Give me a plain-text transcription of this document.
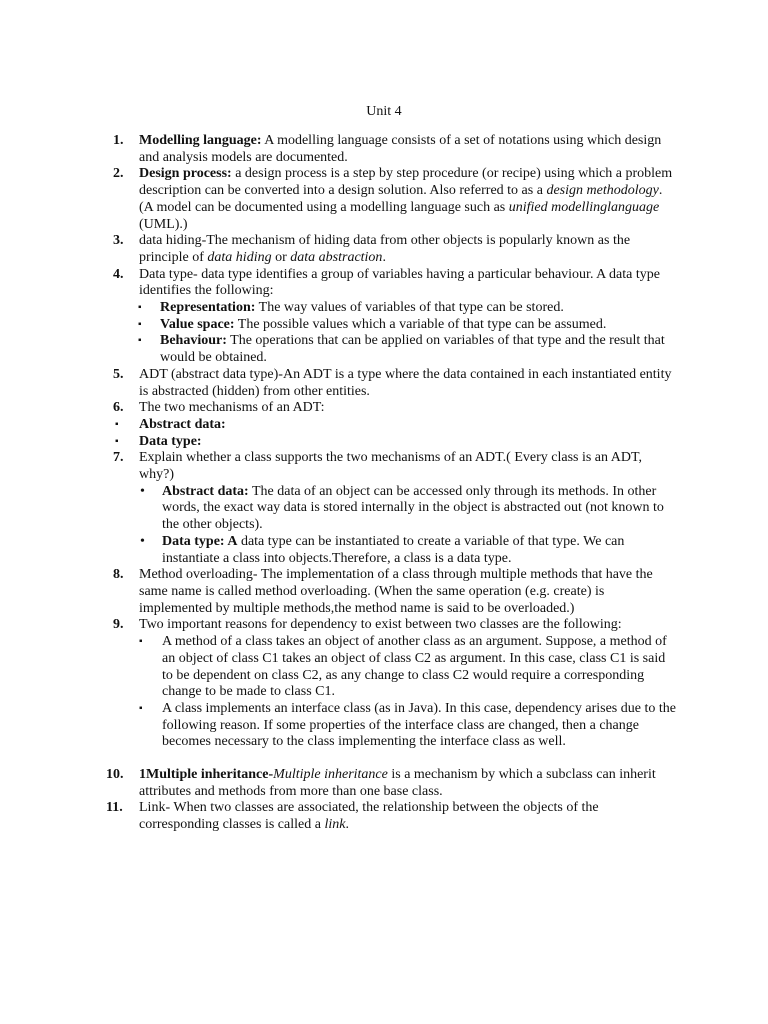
Unit 4
1.	Modelling language: A modelling language consists of a set of notations using which design and analysis models are documented.
2.	Design process: a design process is a step by step procedure (or recipe) using which a problem description can be converted into a design solution. Also referred to as a design methodology. (A model can be documented using a modelling language such as unified modellinglanguage (UML).)
3.	data hiding-The mechanism of hiding data from other objects is popularly known as the principle of data hiding or data abstraction.
4.	Data type- data type identifies a group of variables having a particular behaviour. A data type identifies the following:
▪ Representation: The way values of variables of that type can be stored.
▪ Value space: The possible values which a variable of that type can be assumed.
▪ Behaviour: The operations that can be applied on variables of that type and the result that would be obtained.
5.	ADT (abstract data type)-An ADT is a type where the data contained in each instantiated entity is abstracted (hidden) from other entities.
6.	The two mechanisms of an ADT:
▪ Abstract data:
▪ Data type:
7.	Explain whether a class supports the two mechanisms of an ADT.( Every class is an ADT, why?)
• Abstract data: The data of an object can be accessed only through its methods. In other words, the exact way data is stored internally in the object is abstracted out (not known to the other objects).
• Data type: A data type can be instantiated to create a variable of that type. We can instantiate a class into objects.Therefore, a class is a data type.
8.	Method overloading- The implementation of a class through multiple methods that have the same name is called method overloading. (When the same operation (e.g. create) is implemented by multiple methods,the method name is said to be overloaded.)
9.	Two important reasons for dependency to exist between two classes are the following:
▪ A method of a class takes an object of another class as an argument. Suppose, a method of an object of class C1 takes an object of class C2 as argument. In this case, class C1 is said to be dependent on class C2, as any change to class C2 would require a corresponding change to be made to class C1.
▪ A class implements an interface class (as in Java). In this case, dependency arises due to the following reason. If some properties of the interface class are changed, then a change becomes necessary to the class implementing the interface class as well.
10.	1Multiple inheritance-Multiple inheritance is a mechanism by which a subclass can inherit attributes and methods from more than one base class.
11.	Link- When two classes are associated, the relationship between the objects of the corresponding classes is called a link.
